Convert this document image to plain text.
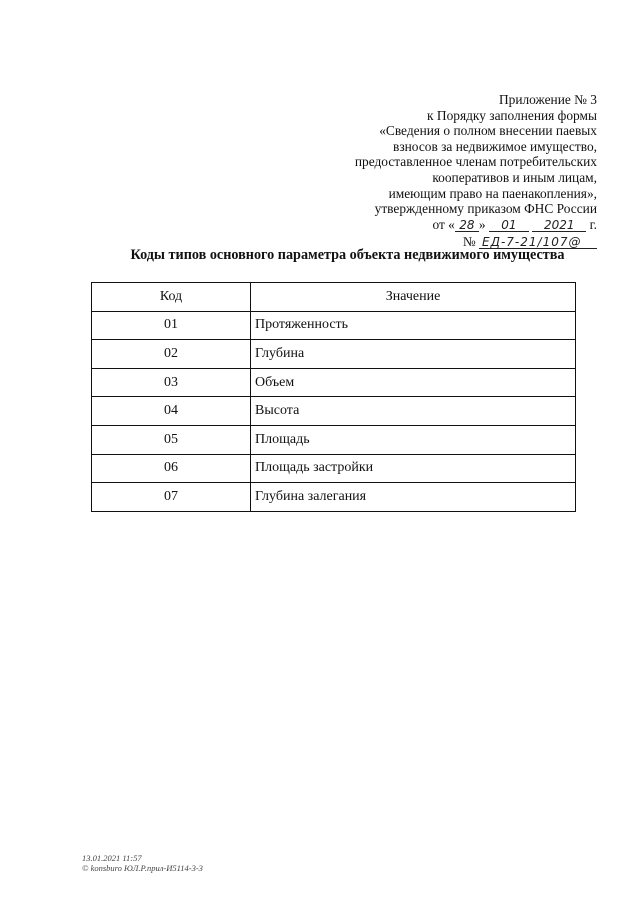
Приложение № 3
к Порядку заполнения формы
«Сведения о полном внесении паевых
взносов за недвижимое имущество,
предоставленное членам потребительских
кооперативов и иным лицам,
имеющим право на паенакопления»,
утвержденному приказом ФНС России
от « 28 » 01 2021 г.
№ ЕД-7-21/107@
Коды типов основного параметра объекта недвижимого имущества
Код	Значение
01	Протяженность
02	Глубина
03	Объем
04	Высота
05	Площадь
06	Площадь застройки
07	Глубина залегания
13.01.2021 11:57
© konsburo ЮЛ.Р.прил-И5114-3-3
